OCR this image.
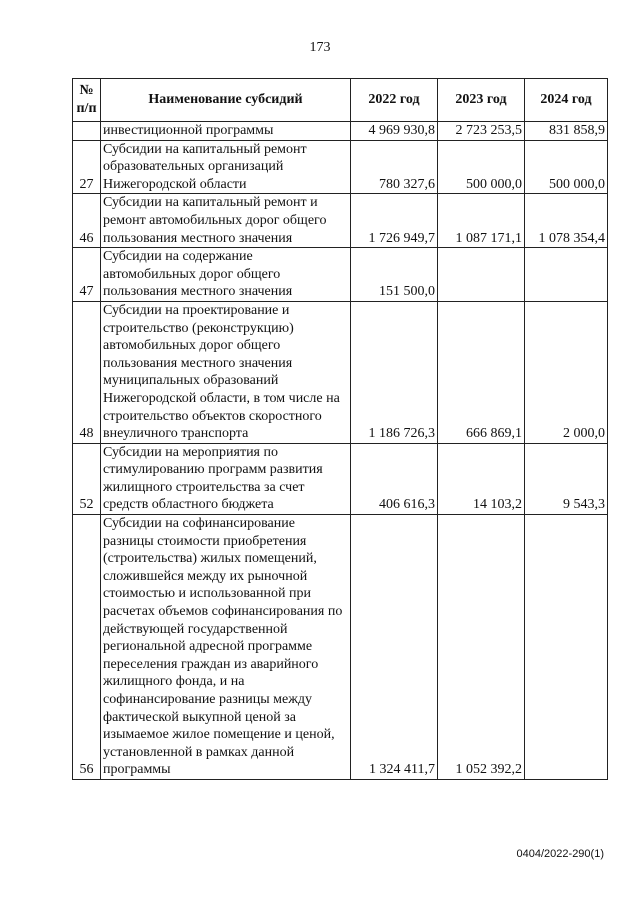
173
№
п/п	Наименование субсидий	2022 год	2023 год	2024 год
	инвестиционной программы	4 969 930,8	2 723 253,5	831 858,9
27	Субсидии на капитальный ремонт образовательных организаций Нижегородской области	780 327,6	500 000,0	500 000,0
46	Субсидии на капитальный ремонт и ремонт автомобильных дорог общего пользования местного значения	1 726 949,7	1 087 171,1	1 078 354,4
47	Субсидии на содержание автомобильных дорог общего пользования местного значения	151 500,0		
48	Субсидии на проектирование и строительство (реконструкцию) автомобильных дорог общего пользования местного значения муниципальных образований Нижегородской области, в том числе на строительство объектов скоростного внеуличного транспорта	1 186 726,3	666 869,1	2 000,0
52	Субсидии на мероприятия по стимулированию программ развития жилищного строительства за счет средств областного бюджета	406 616,3	14 103,2	9 543,3
56	Субсидии на софинансирование разницы стоимости приобретения (строительства) жилых помещений, сложившейся между их рыночной стоимостью и использованной при расчетах объемов софинансирования по действующей государственной региональной адресной программе переселения граждан из аварийного жилищного фонда, и на софинансирование разницы между фактической выкупной ценой за изымаемое жилое помещение и ценой, установленной в рамках данной программы	1 324 411,7	1 052 392,2	
0404/2022-290(1)
